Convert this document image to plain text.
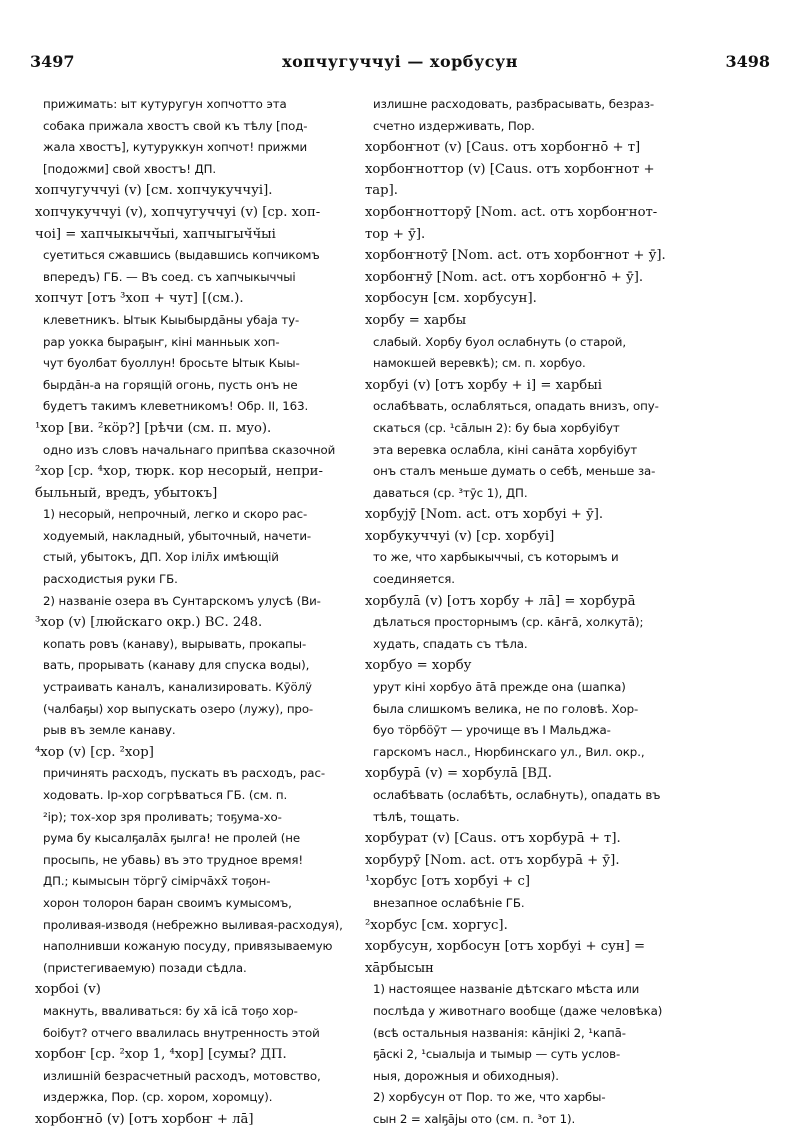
3497	хопчугуччуі — хорбусун	3498
прижимать: ыт кутуругун хопчотто эта
собака прижала хвостъ свой къ тѣлу [под-
жала хвостъ], кутуруккун хопчот! прижми
[подожми] свой хвостъ! ДП.
хопчугуччуі (v) [см. хопчукуччуі].
хопчукуччуі (v), хопчугуччуі (v) [ср. хоп-
чоі] = хапчыкычч̆ыі, хапчыгыч̆ч̆ыі
суетиться сжавшись (выдавшись копчикомъ
впередъ) ГБ. — Въ соед. съ хапчыкыччыі
хопчут [отъ ³хоп + чут] [(см.).
клеветникъ. Ытык Кыыбырдāны убаја ту-
рар уокка быраҕыҥ, кіні манньык хоп-
чут буолбат буоллун! бросьте Ытык Кыы-
бырдāн-а на горящій огонь, пусть онъ не
будетъ такимъ клеветникомъ! Обр. II, 163.
¹хор [ви. ²кӧр?] [рѣчи (см. п. муо).
одно изъ словъ начальнаго припѣва сказочной
²хор [ср. ⁴хор, тюрк. кор несорый, непри-
быльный, вредъ, убытокъ]
1) несорый, непрочный, легко и скоро рас-
ходуемый, накладный, убыточный, начети-
стый, убытокъ, ДП. Хор іліл̄х имѣющій
расходистыя руки ГБ.
2) названіе озера въ Сунтарскомъ улусѣ (Ви-
³хор (v) [люйскаго окр.) ВС. 248.
копать ровъ (канаву), вырывать, прокапы-
вать, прорывать (канаву для спуска воды),
устраивать каналъ, канализировать. Кӯӧлӱ
(чалбаҕы) хор выпускать озеро (лужу), про-
рыв въ земле канаву.
⁴хор (v) [ср. ²хор]
причинять расходъ, пускать въ расходъ, рас-
ходовать. Ір-хор согрѣваться ГБ. (см. п.
²ір); тох-хор зря проливать; тоҕума-хо-
рума бу кысалҕалāх ҕылга! не пролей (не
просыпь, не убавь) въ это трудное время!
ДП.; кымысын тӧргӯ сімірчāхх̄ тоҕон-
хорон толорон баран своимъ кумысомъ,
проливая-изводя (небрежно выливая-расходуя),
наполнивши кожаную посуду, привязываемую
(пристегиваемую) позади сѣдла.
хорбоі (v)
макнуть, вваливаться: бу хā ісā тоҕо хор-
боібут? отчего ввалилась внутренность этой
хорбоҥ [ср. ²хор 1, ⁴хор] [сумы? ДП.
излишній безрасчетный расходъ, мотовство,
издержка, Пор. (ср. хором, хоромцу).
хорбоҥнō (v) [отъ хорбоҥ + лā]
излишне расходовать, разбрасывать, безраз-
счетно издерживать, Пор.
хорбоҥнот (v) [Caus. отъ хорбоҥнō + т]
хорбоҥноттор (v) [Caus. отъ хорбоҥнот +
тар].
хорбоҥнотторӯ [Nom. act. отъ хорбоҥнот-
тор + ӯ].
хорбоҥнотӯ [Nom. act. отъ хорбоҥнот + ӯ].
хорбоҥнӯ [Nom. act. отъ хорбоҥнō + ӯ].
хорбосун [см. хорбусун].
хорбу = харбы
слабый. Хорбу буол ослабнуть (о старой,
намокшей веревкѣ); см. п. хорбуо.
хорбуі (v) [отъ хорбу + і] = харбыі
ослабѣвать, ослабляться, опадать внизъ, опу-
скаться (ср. ¹са̄лын 2): бу быа хорбуібут
эта веревка ослабла, кіні санāта хорбуібут
онъ сталъ меньше думать о себѣ, меньше за-
даваться (ср. ³тӯс 1), ДП.
хорбујӯ [Nom. act. отъ хорбуі + ӯ].
хорбукуччуі (v) [ср. хорбуі]
то же, что харбыкыччыі, съ которымъ и
соединяется.
хорбулā (v) [отъ хорбу + лā] = хорбурā
дѣлаться просторнымъ (ср. кāҥā, холкутā);
худать, спадать съ тѣла.
хорбуо = хорбу
урут кіні хорбуо āтā прежде она (шапка)
была слишкомъ велика, не по головѣ. Хор-
буо тӧрбӧӯт — урочище въ I Мальджа-
гарскомъ насл., Нюрбинскаго ул., Вил. окр.,
хорбурā (v) = хорбулā [ВД.
ослабѣвать (ослабѣть, ослабнуть), опадать въ
тѣлѣ, тощать.
хорбурат (v) [Caus. отъ хорбурā + т].
хорбурӯ [Nom. act. отъ хорбурā + ӯ].
¹хорбус [отъ хорбуі + с]
внезапное ослабѣніе ГБ.
²хорбус [см. хоргус].
хорбусун, хорбосун [отъ хорбуі + сун] =
ха̄рбысын
1) настоящее названіе дѣтскаго мѣста или
послѣда у животнаго вообще (даже человѣка)
(всѣ остальныя названія: кāнјікі 2, ¹капā-
ҕāскі 2, ¹сыалыја и тымыр — суть услов-
ныя, дорожныя и обиходныя).
2) хорбусун от Пор. то же, что харбы-
сын 2 = хаlҕāјы ото (см. п. ³от 1).
